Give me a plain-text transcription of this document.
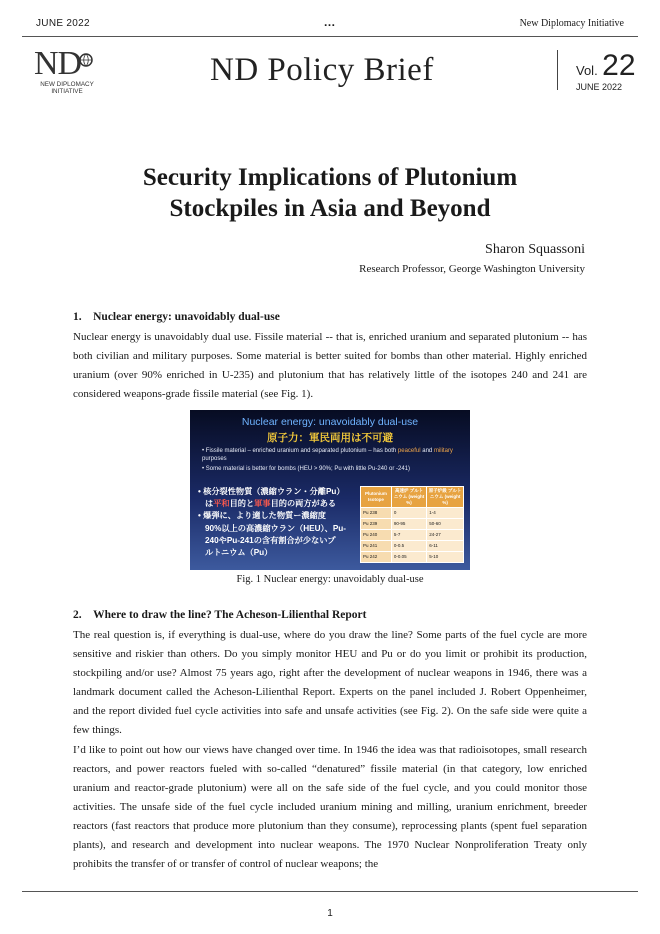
JUNE 2022	…	New Diplomacy Initiative
ND
NEW DIPLOMACY
INITIATIVE
ND Policy Brief	Vol. 22
JUNE 2022
Security Implications of Plutonium
Stockpiles in Asia and Beyond
Sharon Squassoni
Research Professor, George Washington University
1.　Nuclear energy: unavoidably dual-use
Nuclear energy is unavoidably dual use. Fissile material -- that is, enriched uranium and separated plutonium -- has both civilian and military purposes. Some material is better suited for bombs than other material. Highly enriched uranium (over 90% enriched in U-235) and plutonium that has relatively little of the isotopes 240 and 241 are considered weapons-grade fissile material (see Fig. 1).
Nuclear energy: unavoidably dual-use
原子力：軍民両用は不可避
• Fissile material – enriched uranium and separated plutonium – has both peaceful and military purposes
• Some material is better for bombs (HEU > 90%; Pu with little Pu-240 or -241)
• 核分裂性物質（濃縮ウラン・分離Pu）
は平和目的と軍事目的の両方がある
• 爆弾に、より適した物質ー濃縮度
90%以上の高濃縮ウラン（HEU）、Pu-
240やPu-241の含有割合が少ないプ
ルトニウム（Pu）
Plutonium Isotope	高速炉 ブルトニウム (weight %)	原子炉級 プルトニウム (weight %)
Pu 238	0	1-4
Pu 239	90-95	50-60
Pu 240	5-7	24-27
Pu 241	0-0.5	6-11
Pu 242	0-0.05	5-10
Fig. 1 Nuclear energy: unavoidably dual-use
2.　Where to draw the line? The Acheson-Lilienthal Report
The real question is, if everything is dual-use, where do you draw the line? Some parts of the fuel cycle are more sensitive and riskier than others. Do you simply monitor HEU and Pu or do you limit or prohibit its production, stockpiling and/or use? Almost 75 years ago, right after the development of nuclear weapons in 1946, there was a landmark document called the Acheson-Lilienthal Report. Experts on the panel included J. Robert Oppenheimer, and the report divided fuel cycle activities into safe and unsafe activities (see Fig. 2). On the safe side were quite a few things.
I’d like to point out how our views have changed over time. In 1946 the idea was that radioisotopes, small research reactors, and power reactors fueled with so-called “denatured” fissile material (in that category, low enriched uranium and reactor-grade plutonium) were all on the safe side of the fuel cycle, and you could monitor those activities. The unsafe side of the fuel cycle included uranium mining and milling, uranium enrichment, breeder reactors (fast reactors that produce more plutonium than they consume), reprocessing plants (spent fuel separation plants), and research and development into nuclear weapons. The 1970 Nuclear Nonproliferation Treaty only prohibits the transfer of or transfer of control of nuclear weapons; the
1
